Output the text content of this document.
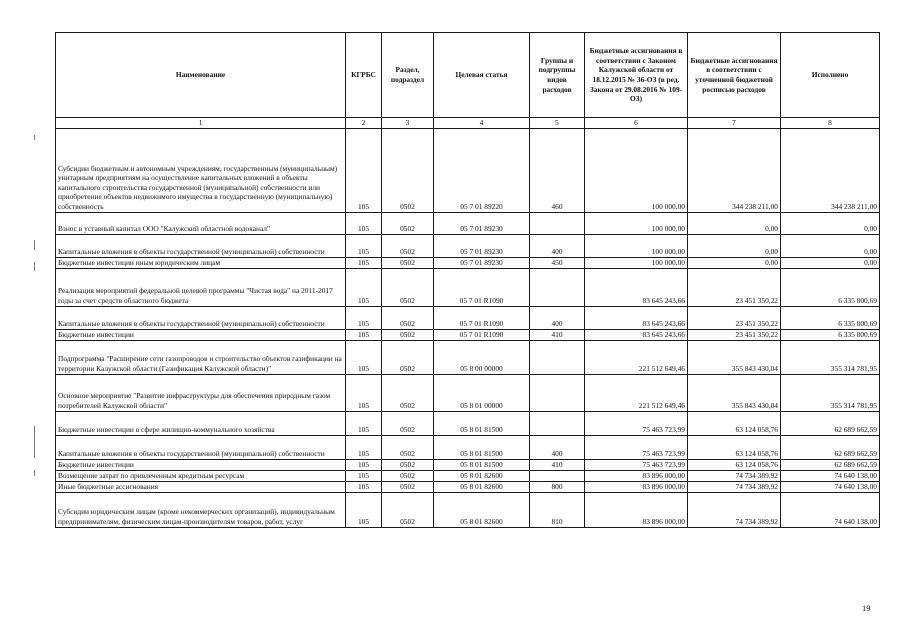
Наименование	КГРБС	Раздел, подраздел	Целевая статья	Группы и подгруппы видов расходов	Бюджетные ассигнования в соответствии с Законом Калужской области от 18.12.2015 № 36-ОЗ (в ред. Закона от 29.08.2016 № 109-ОЗ)	Бюджетные ассигнования в соответствии с уточненной бюджетной росписью расходов	Исполнено
1	2	3	4	5	6	7	8
Субсидии бюджетным и автономным учреждениям, государственным (муниципальным) унитарным предприятиям на осуществление капитальных вложений в объекты капитального строительства государственной (муниципальной) собственности или приобретение объектов недвижимого имущества в государственную (муниципальную) собственность	105	0502	05 7 01 89220	460	100 000,00	344 238 211,00	344 238 211,00
Взнос в уставный капитал ООО "Калужский областной водоканал"	105	0502	05 7 01 89230		100 000,00	0,00	0,00
Капитальные вложения в объекты государственной (муниципальной) собственности	105	0502	05 7 01 89230	400	100 000,00	0,00	0,00
Бюджетные инвестиции иным юридическим лицам	105	0502	05 7 01 89230	450	100 000,00	0,00	0,00
Реализация мероприятий федеральной целевой программы "Чистая вода" на 2011-2017 годы за счет средств областного бюджета	105	0502	05 7 01 R1090		83 645 243,66	23 451 350,22	6 335 800,69
Капитальные вложения в объекты государственной (муниципальной) собственности	105	0502	05 7 01 R1090	400	83 645 243,66	23 451 350,22	6 335 800,69
Бюджетные инвестиции	105	0502	05 7 01 R1090	410	83 645 243,66	23 451 350,22	6 335 800,69
Подпрограмма "Расширение сети газопроводов и строительство объектов газификации на территории Калужской области (Газификация Калужской области)"	105	0502	05 8 00 00000		221 512 649,46	355 843 430,04	355 314 781,95
Основное мероприятие "Развитие инфраструктуры для обеспечения природным газом потребителей Калужской области"	105	0502	05 8 01 00000		221 512 649,46	355 843 430,04	355 314 781,95
Бюджетные инвестиции в сфере жилищно-коммунального хозяйства	105	0502	05 8 01 81500		75 463 723,99	63 124 058,76	62 689 662,59
Капитальные вложения в объекты государственной (муниципальной) собственности	105	0502	05 8 01 81500	400	75 463 723,99	63 124 058,76	62 689 662,59
Бюджетные инвестиции	105	0502	05 8 01 81500	410	75 463 723,99	63 124 058,76	62 689 662,59
Возмещение затрат по привлеченным кредитным ресурсам	105	0502	05 8 01 82600		83 896 000,00	74 734 389,92	74 640 138,00
Иные бюджетные ассигнования	105	0502	05 8 01 82600	800	83 896 000,00	74 734 389,92	74 640 138,00
Субсидии юридическим лицам (кроме некоммерческих организаций), индивидуальным предпринимателям, физическим лицам-производителям товаров, работ, услуг	105	0502	05 8 01 82600	810	83 896 000,00	74 734 389,92	74 640 138,00
19
